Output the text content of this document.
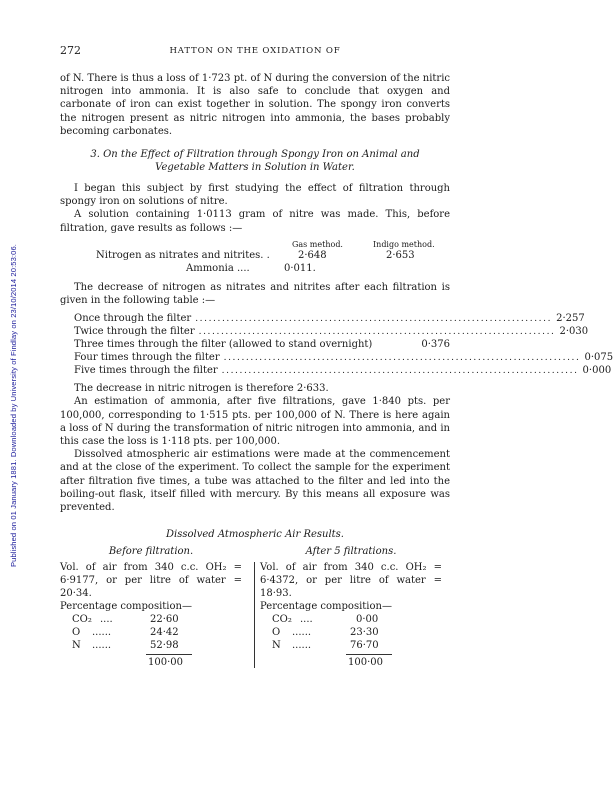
Published on 01 January 1881. Downloaded by University of Findlay on 23/10/2014 20:53:06.
272	HATTON ON THE OXIDATION OF

of N. There is thus a loss of 1·723 pt. of N during the conversion of the nitric nitrogen into ammonia. It is also safe to conclude that oxygen and carbonate of iron can exist together in solution. The spongy iron converts the nitrogen present as nitric nitrogen into ammonia, the bases probably becoming carbonates.

3. On the Effect of Filtration through Spongy Iron on Animal and
Vegetable Matters in Solution in Water.

I began this subject by first studying the effect of filtration through spongy iron on solutions of nitre.

A solution containing 1·0113 gram of nitre was made. This, before filtration, gave results as follows :—

Gas method.	Indigo method.
Nitrogen as nitrates and nitrites. .	2·648	2·653
Ammonia ....	0·011.

The decrease of nitrogen as nitrates and nitrites after each filtration is given in the following table :—

Once through the filter ................................................................................ 2·257
Twice through the filter ................................................................................ 2·030
Three times through the filter (allowed to stand overnight)	0·376
Four times through the filter ................................................................................ 0·075
Five times through the filter ................................................................................ 0·000

The decrease in nitric nitrogen is therefore 2·633.

An estimation of ammonia, after five filtrations, gave 1·840 pts. per 100,000, corresponding to 1·515 pts. per 100,000 of N. There is here again a loss of N during the transformation of nitric nitrogen into ammonia, and in this case the loss is 1·118 pts. per 100,000.

Dissolved atmospheric air estimations were made at the commencement and at the close of the experiment. To collect the sample for the experiment after filtration five times, a tube was attached to the filter and led into the boiling-out flask, itself filled with mercury. By this means all exposure was prevented.

Dissolved Atmospheric Air Results.
Before filtration.

Vol. of air from 340 c.c. OH₂ = 6·9177, or per litre of water = 20·34.

Percentage composition—
CO₂ ....	22·60
O ......	24·42
N ......	52·98
100·00
After 5 filtrations.

Vol. of air from 340 c.c. OH₂ = 6·4372, or per litre of water = 18·93.

Percentage composition—
CO₂ ....	0·00
O ......	23·30
N ......	76·70
100·00
